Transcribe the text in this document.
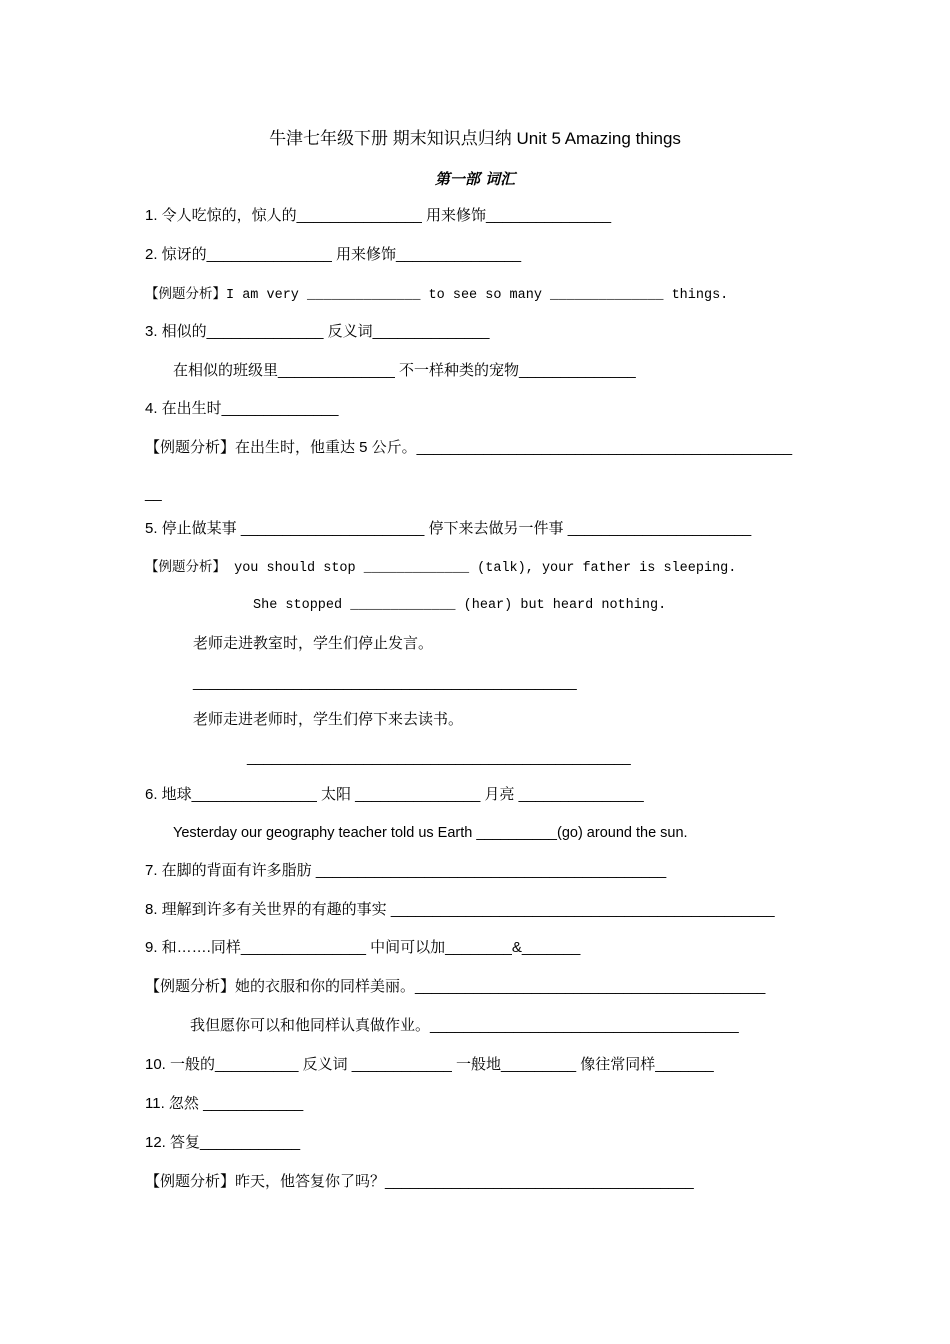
牛津七年级下册 期末知识点归纳 Unit 5 Amazing things
第一部 词汇
1. 令人吃惊的，惊人的_______________ 用来修饰_______________
2. 惊讶的_______________ 用来修饰_______________
【例题分析】I am very ______________ to see so many ______________ things.
3. 相似的______________ 反义词______________
在相似的班级里______________ 不一样种类的宠物______________
4. 在出生时______________
【例题分析】在出生时，他重达 5 公斤。_____________________________________________
__
5. 停止做某事 ______________________ 停下来去做另一件事 ______________________
【例题分析】 you should stop _____________ (talk), your father is sleeping.
She stopped _____________ (hear) but heard nothing.
老师走进教室时，学生们停止发言。
______________________________________________
老师走进老师时，学生们停下来去读书。
______________________________________________
6. 地球_______________ 太阳 _______________ 月亮 _______________
Yesterday our geography teacher told us Earth __________(go) around the sun.
7. 在脚的背面有许多脂肪 __________________________________________
8. 理解到许多有关世界的有趣的事实 ______________________________________________
9. 和…….同样_______________ 中间可以加________&_______
【例题分析】她的衣服和你的同样美丽。__________________________________________
我但愿你可以和他同样认真做作业。_____________________________________
10. 一般的__________ 反义词 ____________ 一般地_________ 像往常同样_______
11. 忽然 ____________
12. 答复____________
【例题分析】昨天，他答复你了吗？_____________________________________
